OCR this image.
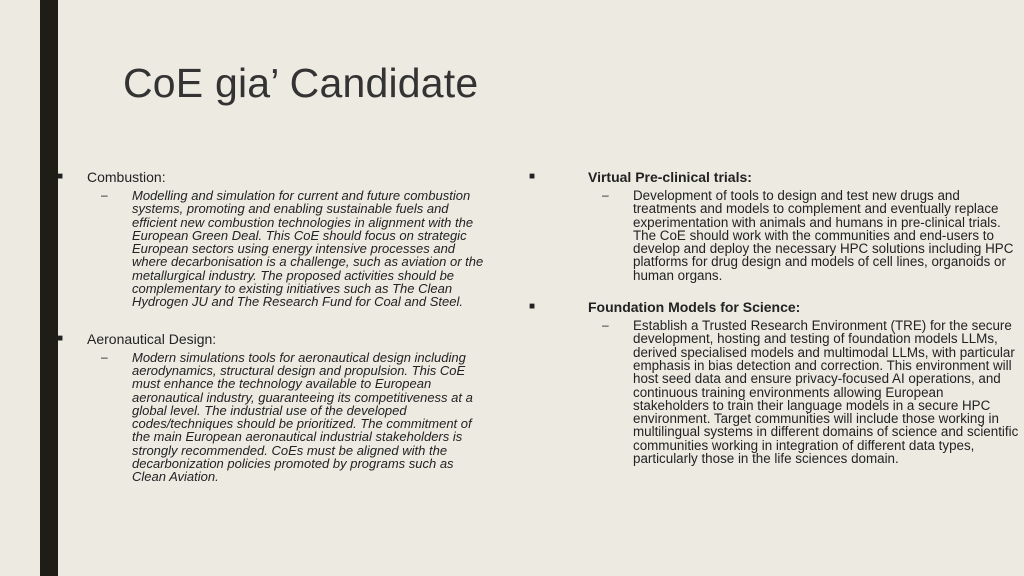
CoE gia’ Candidate
■ Combustion:
– Modelling and simulation for current and future combustion systems, promoting and enabling sustainable fuels and efficient new combustion technologies in alignment with the European Green Deal. This CoE should focus on strategic European sectors using energy intensive processes and where decarbonisation is a challenge, such as aviation or the metallurgical industry. The proposed activities should be complementary to existing initiatives such as The Clean Hydrogen JU and The Research Fund for Coal and Steel.
■ Aeronautical Design:
– Modern simulations tools for aeronautical design including aerodynamics, structural design and propulsion. This CoE must enhance the technology available to European aeronautical industry, guaranteeing its competitiveness at a global level. The industrial use of the developed codes/techniques should be prioritized. The commitment of the main European aeronautical industrial stakeholders is strongly recommended. CoEs must be aligned with the decarbonization policies promoted by programs such as Clean Aviation.
■	Virtual Pre-clinical trials:
– Development of tools to design and test new drugs and treatments and models to complement and eventually replace experimentation with animals and humans in pre-clinical trials. The CoE should work with the communities and end-users to develop and deploy the necessary HPC solutions including HPC platforms for drug design and models of cell lines, organoids or human organs.
■	Foundation Models for Science:
– Establish a Trusted Research Environment (TRE) for the secure development, hosting and testing of foundation models LLMs, derived specialised models and multimodal LLMs, with particular emphasis in bias detection and correction. This environment will host seed data and ensure privacy-focused AI operations, and continuous training environments allowing European stakeholders to train their language models in a secure HPC environment. Target communities will include those working in multilingual systems in different domains of science and scientific communities working in integration of different data types, particularly those in the life sciences domain.
